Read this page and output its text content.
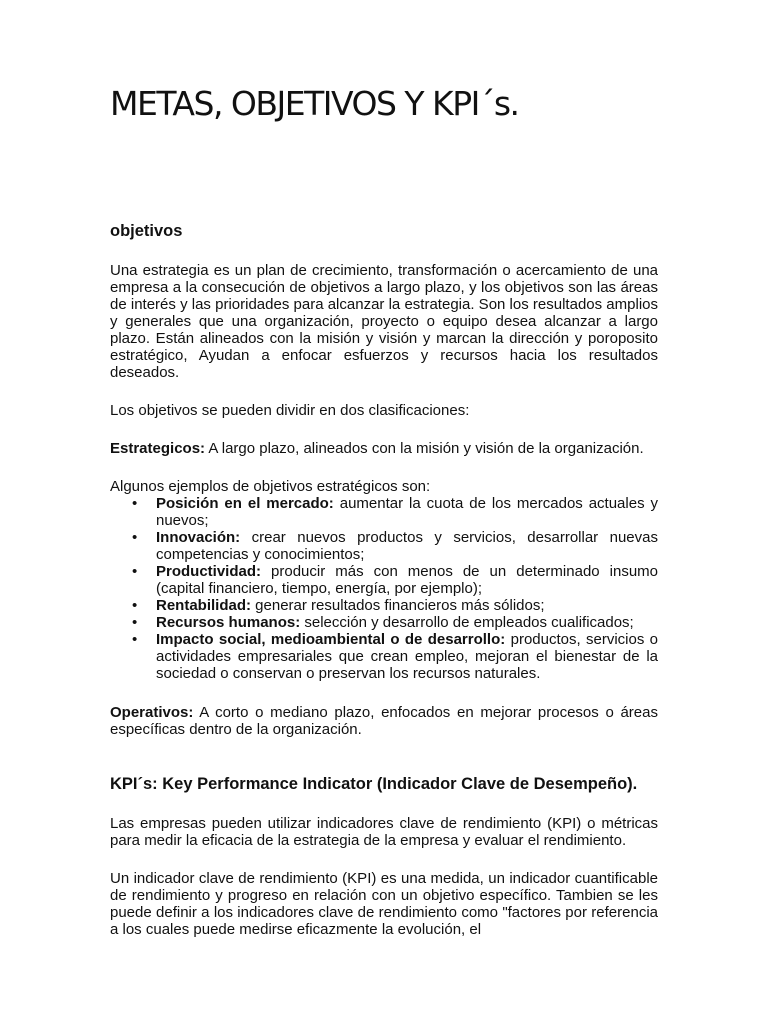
METAS, OBJETIVOS Y KPI´s.
objetivos

Una estrategia es un plan de crecimiento, transformación o acercamiento de una empresa a la consecución de objetivos a largo plazo, y los objetivos son las áreas de interés y las prioridades para alcanzar la estrategia. Son los resultados amplios y generales que una organización, proyecto o equipo desea alcanzar a largo plazo. Están alineados con la misión y visión y marcan la dirección y poroposito estratégico, Ayudan a enfocar esfuerzos y recursos hacia los resultados deseados.

Los objetivos se pueden dividir en dos clasificaciones:

Estrategicos: A largo plazo, alineados con la misión y visión de la organización.

Algunos ejemplos de objetivos estratégicos son:

• Posición en el mercado: aumentar la cuota de los mercados actuales y nuevos;
• Innovación: crear nuevos productos y servicios, desarrollar nuevas competencias y conocimientos;
• Productividad: producir más con menos de un determinado insumo (capital financiero, tiempo, energía, por ejemplo);
• Rentabilidad: generar resultados financieros más sólidos;
• Recursos humanos: selección y desarrollo de empleados cualificados;
• Impacto social, medioambiental o de desarrollo: productos, servicios o actividades empresariales que crean empleo, mejoran el bienestar de la sociedad o conservan o preservan los recursos naturales.

Operativos: A corto o mediano plazo, enfocados en mejorar procesos o áreas específicas dentro de la organización.

KPI´s: Key Performance Indicator (Indicador Clave de Desempeño).

Las empresas pueden utilizar indicadores clave de rendimiento (KPI) o métricas para medir la eficacia de la estrategia de la empresa y evaluar el rendimiento.

Un indicador clave de rendimiento (KPI) es una medida, un indicador cuantificable de rendimiento y progreso en relación con un objetivo específico. Tambien se les puede definir a los indicadores clave de rendimiento como "factores por referencia a los cuales puede medirse eficazmente la evolución, el
